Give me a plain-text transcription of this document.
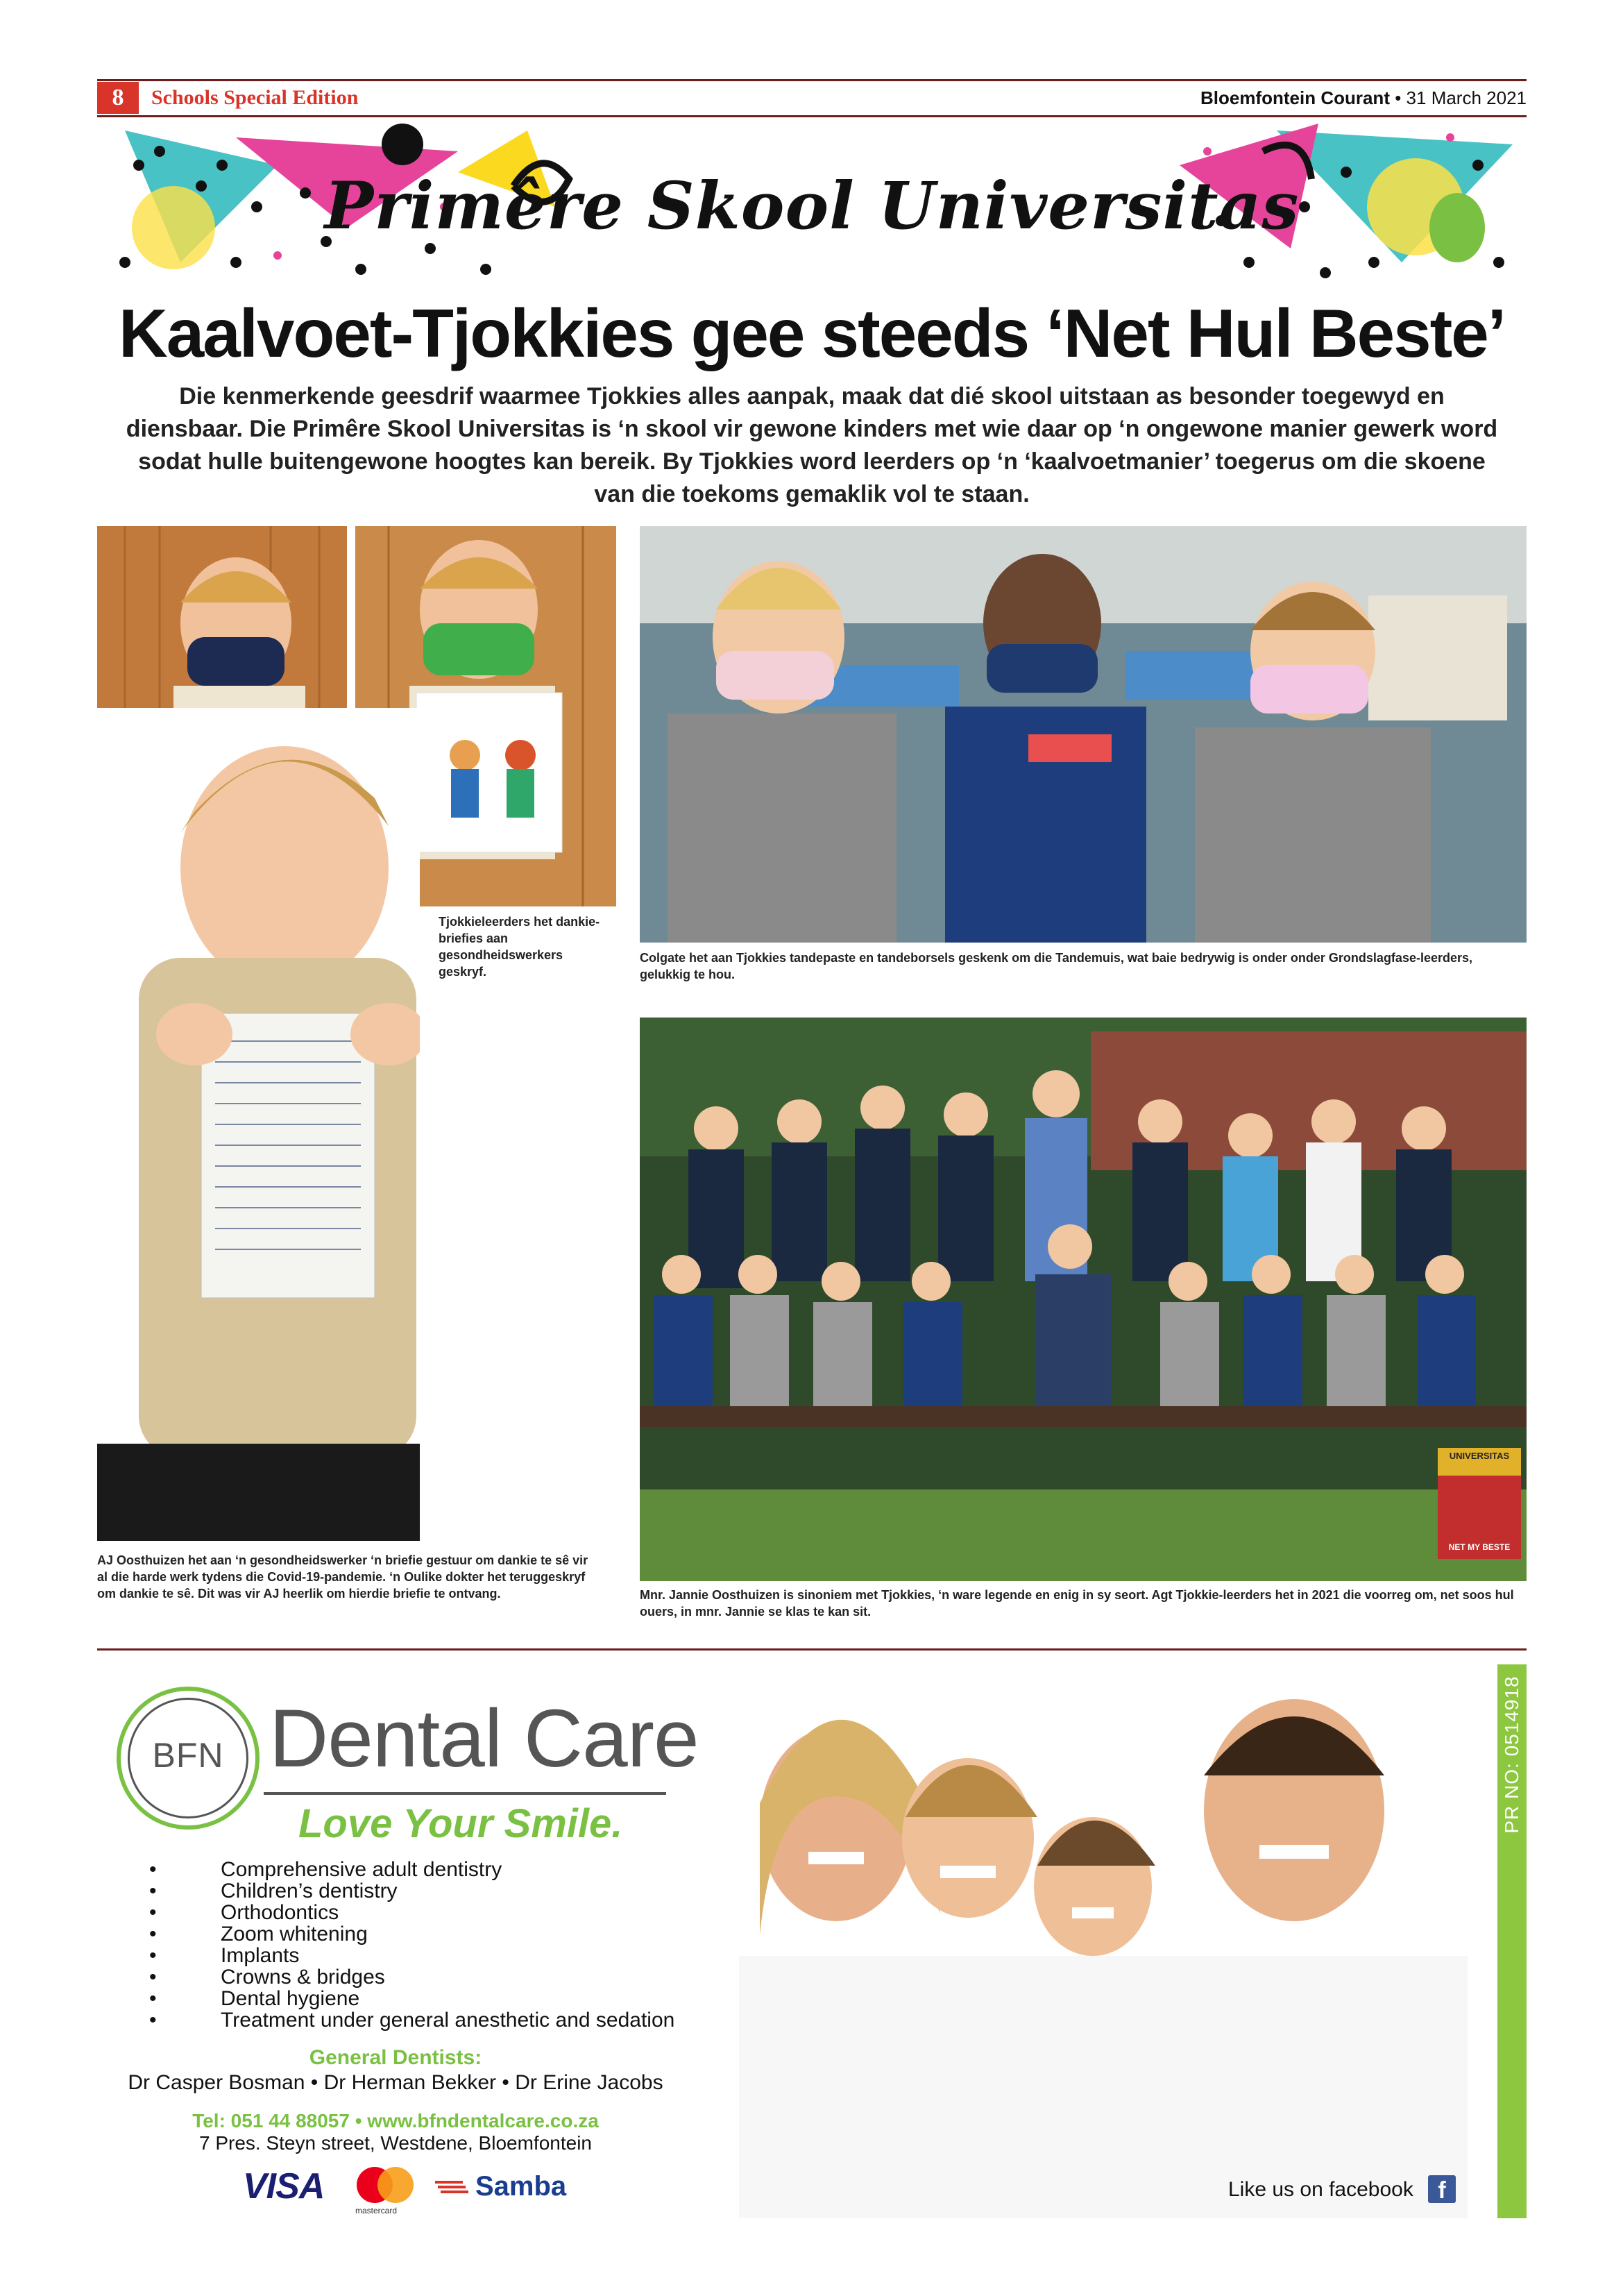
8	Schools Special Edition	Bloemfontein Courant • 31 March 2021
Primêre Skool Universitas
Kaalvoet-Tjokkies gee steeds ‘Net Hul Beste’
Die kenmerkende geesdrif waarmee Tjokkies alles aanpak, maak dat dié skool uitstaan as besonder toegewyd en diensbaar. Die Primêre Skool Universitas is ‘n skool vir gewone kinders met wie daar op ‘n ongewone manier gewerk word sodat hulle buitengewone hoogtes kan bereik. By Tjokkies word leerders op ‘n ‘kaalvoetmanier’ toegerus om die skoene van die toekoms gemaklik vol te staan.
Tjokkieleerders het dankie-briefies aan gesondheidswerkers geskryf.
AJ Oosthuizen het aan ‘n gesondheidswerker ‘n briefie gestuur om dankie te sê vir al die harde werk tydens die Covid-19-pandemie. ‘n Oulike dokter het teruggeskryf om dankie te sê. Dit was vir AJ heerlik om hierdie briefie te ontvang.
Colgate het aan Tjokkies tandepaste en tandeborsels geskenk om die Tandemuis, wat baie bedrywig is onder onder Grondslagfase-leerders, gelukkig te hou.
UNIVERSITAS
NET MY BESTE
Mnr. Jannie Oosthuizen is sinoniem met Tjokkies, ‘n ware legende en enig in sy seort. Agt Tjokkie-leerders het in 2021 die voorreg om, net soos hul ouers, in mnr. Jannie se klas te kan sit.
BFN Dental Care
Love Your Smile.
• Comprehensive adult dentistry
• Children’s dentistry
• Orthodontics
• Zoom whitening
• Implants
• Crowns & bridges
• Dental hygiene
• Treatment under general anesthetic and sedation
General Dentists:
Dr Casper Bosman • Dr Herman Bekker • Dr Erine Jacobs
Tel: 051 44 88057 • www.bfndentalcare.co.za
7 Pres. Steyn street, Westdene, Bloemfontein
VISA
mastercard
Samba	Like us on facebook	f
PR NO: 0514918
